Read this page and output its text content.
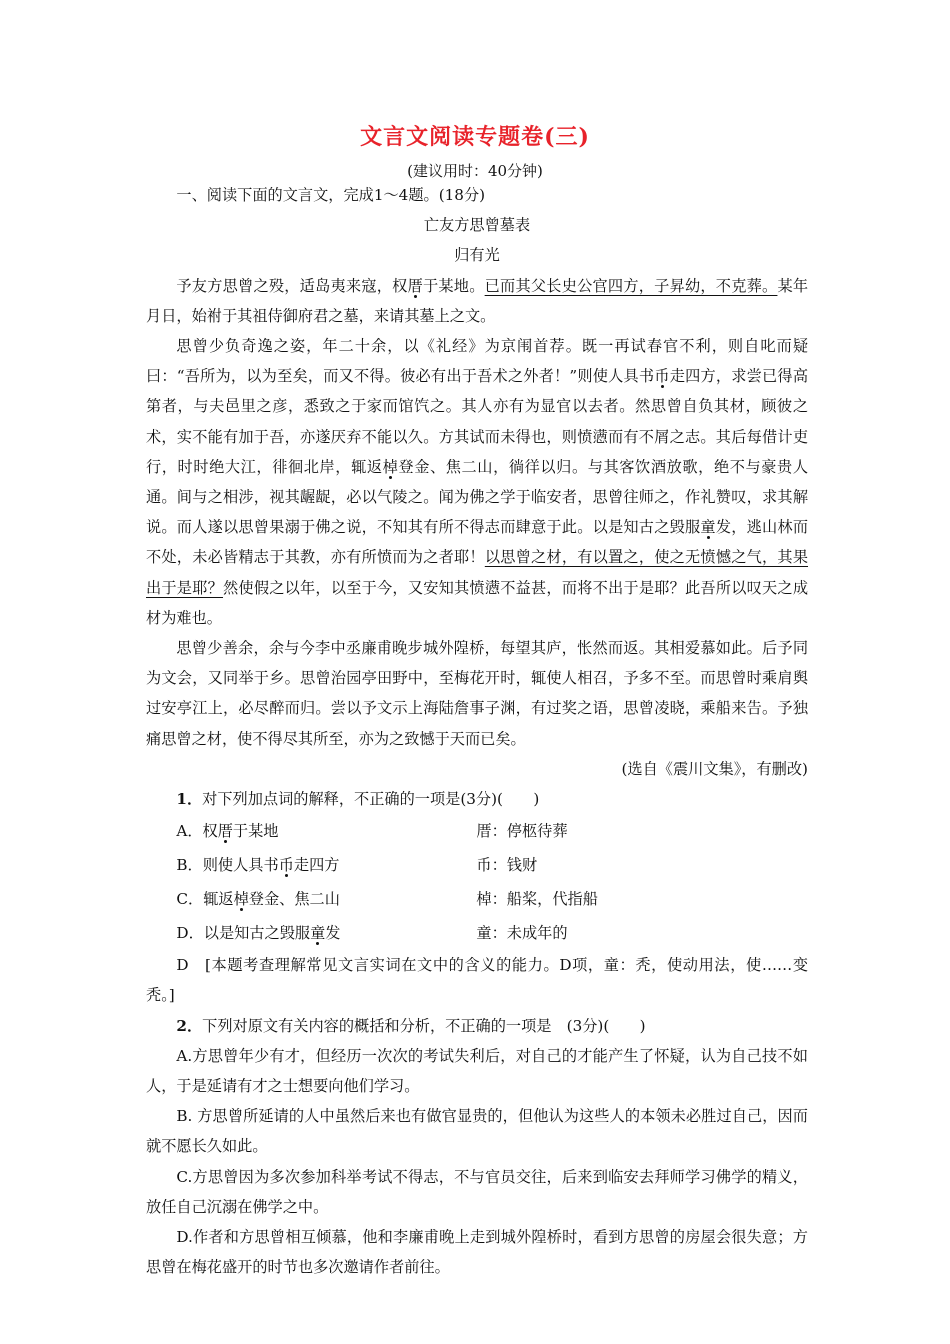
文言文阅读专题卷(三)
(建议用时：40分钟)

一、阅读下面的文言文，完成1～4题。(18分)

亡友方思曾墓表

归有光

予友方思曾之殁，适岛夷来寇，权厝于某地。已而其父长史公官四方，子昇幼，不克葬。某年月日，始祔于其祖侍御府君之墓，来请其墓上之文。

思曾少负奇逸之姿，年二十余，以《礼经》为京闱首荐。既一再试春官不利，则自叱而疑曰：“吾所为，以为至矣，而又不得。彼必有出于吾术之外者！”则使人具书币走四方，求尝已得高第者，与夫邑里之彦，悉致之于家而馆饩之。其人亦有为显官以去者。然思曾自负其材，顾彼之术，实不能有加于吾，亦遂厌弃不能以久。方其试而未得也，则愤懑而有不屑之志。其后每借计吏行，时时绝大江，徘徊北岸，辄返棹登金、焦二山，徜徉以归。与其客饮酒放歌，绝不与豪贵人通。间与之相涉，视其龌龊，必以气陵之。闻为佛之学于临安者，思曾往师之，作礼赞叹，求其解说。而人遂以思曾果溺于佛之说，不知其有所不得志而肆意于此。以是知古之毁服童发，逃山林而不处，未必皆精志于其教，亦有所愤而为之者耶！以思曾之材，有以置之，使之无愤憾之气，其果出于是耶？然使假之以年，以至于今，又安知其愤懑不益甚，而将不出于是耶？此吾所以叹天之成材为难也。

思曾少善余，余与今李中丞廉甫晚步城外隍桥，每望其庐，怅然而返。其相爱慕如此。后予同为文会，又同举于乡。思曾治园亭田野中，至梅花开时，辄使人相召，予多不至。而思曾时乘肩舆过安亭江上，必尽醉而归。尝以予文示上海陆詹事子渊，有过奖之语，思曾凌晓，乘船来告。予独痛思曾之材，使不得尽其所至，亦为之致憾于天而已矣。

(选自《震川文集》，有删改)

1．对下列加点词的解释，不正确的一项是(3分)(　　)

A．权厝于某地	厝：停柩待葬
B．则使人具书币走四方	币：钱财
C．辄返棹登金、焦二山	棹：船桨，代指船
D．以是知古之毁服童发	童：未成年的

D　 [本题考查理解常见文言实词在文中的含义的能力。D项，童：秃，使动用法，使……变秃。]

2．下列对原文有关内容的概括和分析，不正确的一项是　(3分)(　　)

A.方思曾年少有才，但经历一次次的考试失利后，对自己的才能产生了怀疑，认为自己技不如人，于是延请有才之士想要向他们学习。

B. 方思曾所延请的人中虽然后来也有做官显贵的，但他认为这些人的本领未必胜过自己，因而就不愿长久如此。

C.方思曾因为多次参加科举考试不得志，不与官员交往，后来到临安去拜师学习佛学的精义，放任自己沉溺在佛学之中。

D.作者和方思曾相互倾慕，他和李廉甫晚上走到城外隍桥时，看到方思曾的房屋会很失意；方思曾在梅花盛开的时节也多次邀请作者前往。
